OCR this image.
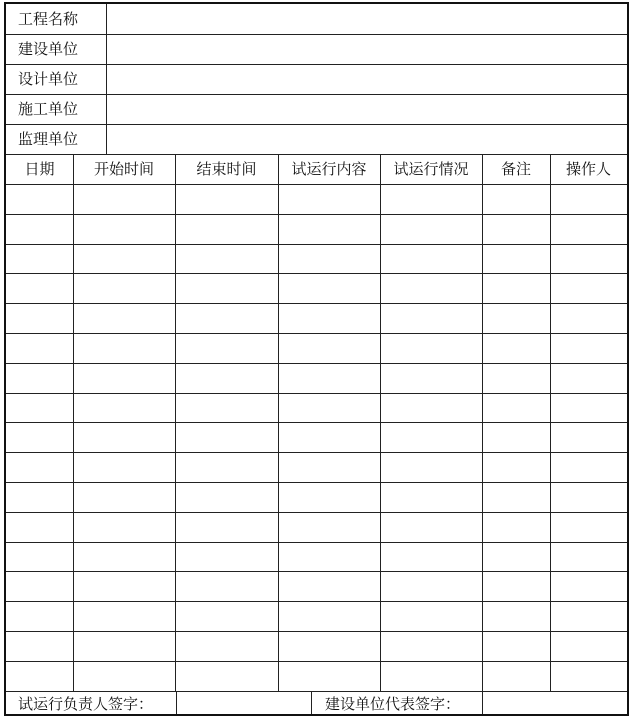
工程名称
建设单位
设计单位
施工单位
监理单位
日期	开始时间	结束时间	试运行内容	试运行情况	备注	操作人
试运行负责人签字：	建设单位代表签字：
